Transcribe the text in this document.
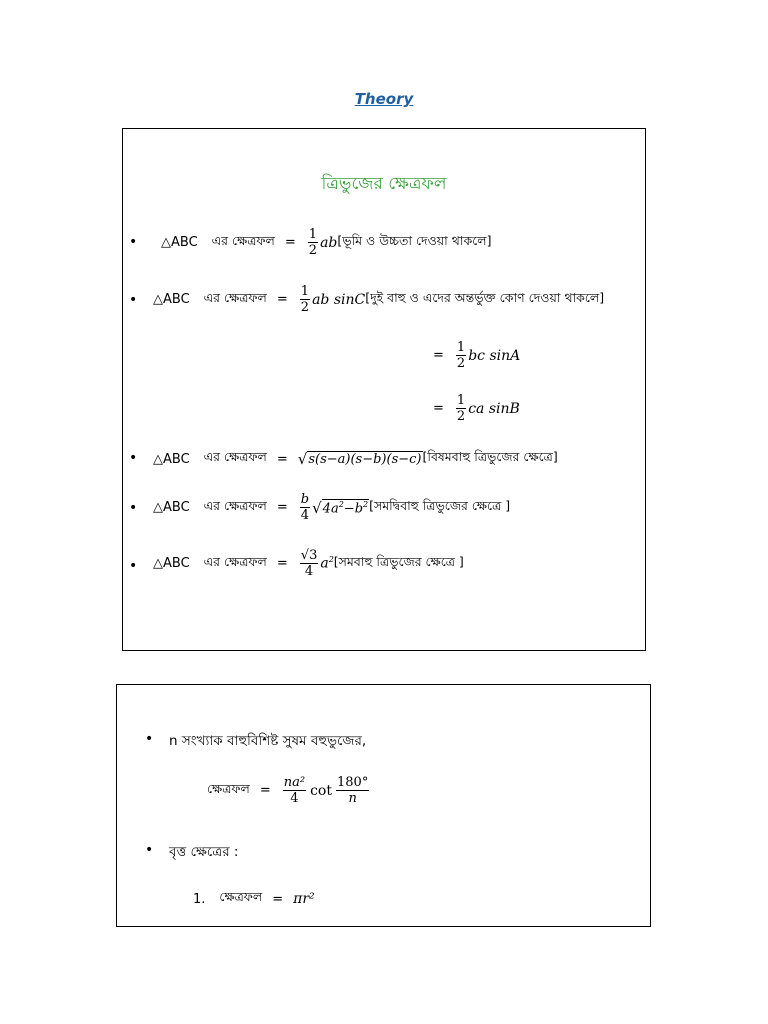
Theory
ত্রিভুজের ক্ষেত্রফল
• △ABC এর ক্ষেত্রফল = $\frac{1}{2}$ ab [ভূমি ও উচ্চতা দেওয়া থাকলে]
• △ABC এর ক্ষেত্রফল = $\frac{1}{2}$ ab sinC [দুই বাহু ও এদের অন্তর্ভুক্ত কোণ দেওয়া থাকলে]
= $\frac{1}{2}$ bc sinA
= $\frac{1}{2}$ ca sinB
• △ABC এর ক্ষেত্রফল = √ s(s−a)(s−b)(s−c) [বিষমবাহু ত্রিভুজের ক্ষেত্রে]
• △ABC এর ক্ষেত্রফল = $\frac{b}{4}$ √ $4a^2-b^2$ [সমদ্বিবাহু ত্রিভুজের ক্ষেত্রে ]
• △ABC এর ক্ষেত্রফল = $\frac{√3}{4} a^2$ [সমবাহু ত্রিভুজের ক্ষেত্রে ]
• n সংখ্যাক বাহুবিশিষ্ট সুষম বহুভুজের,
ক্ষেত্রফল = $\frac{\text{na²}}{4}$ $\cot \frac{180^\circ}{n}$
• বৃত্ত ক্ষেত্রের :
1. ক্ষেত্রফল = πr²
